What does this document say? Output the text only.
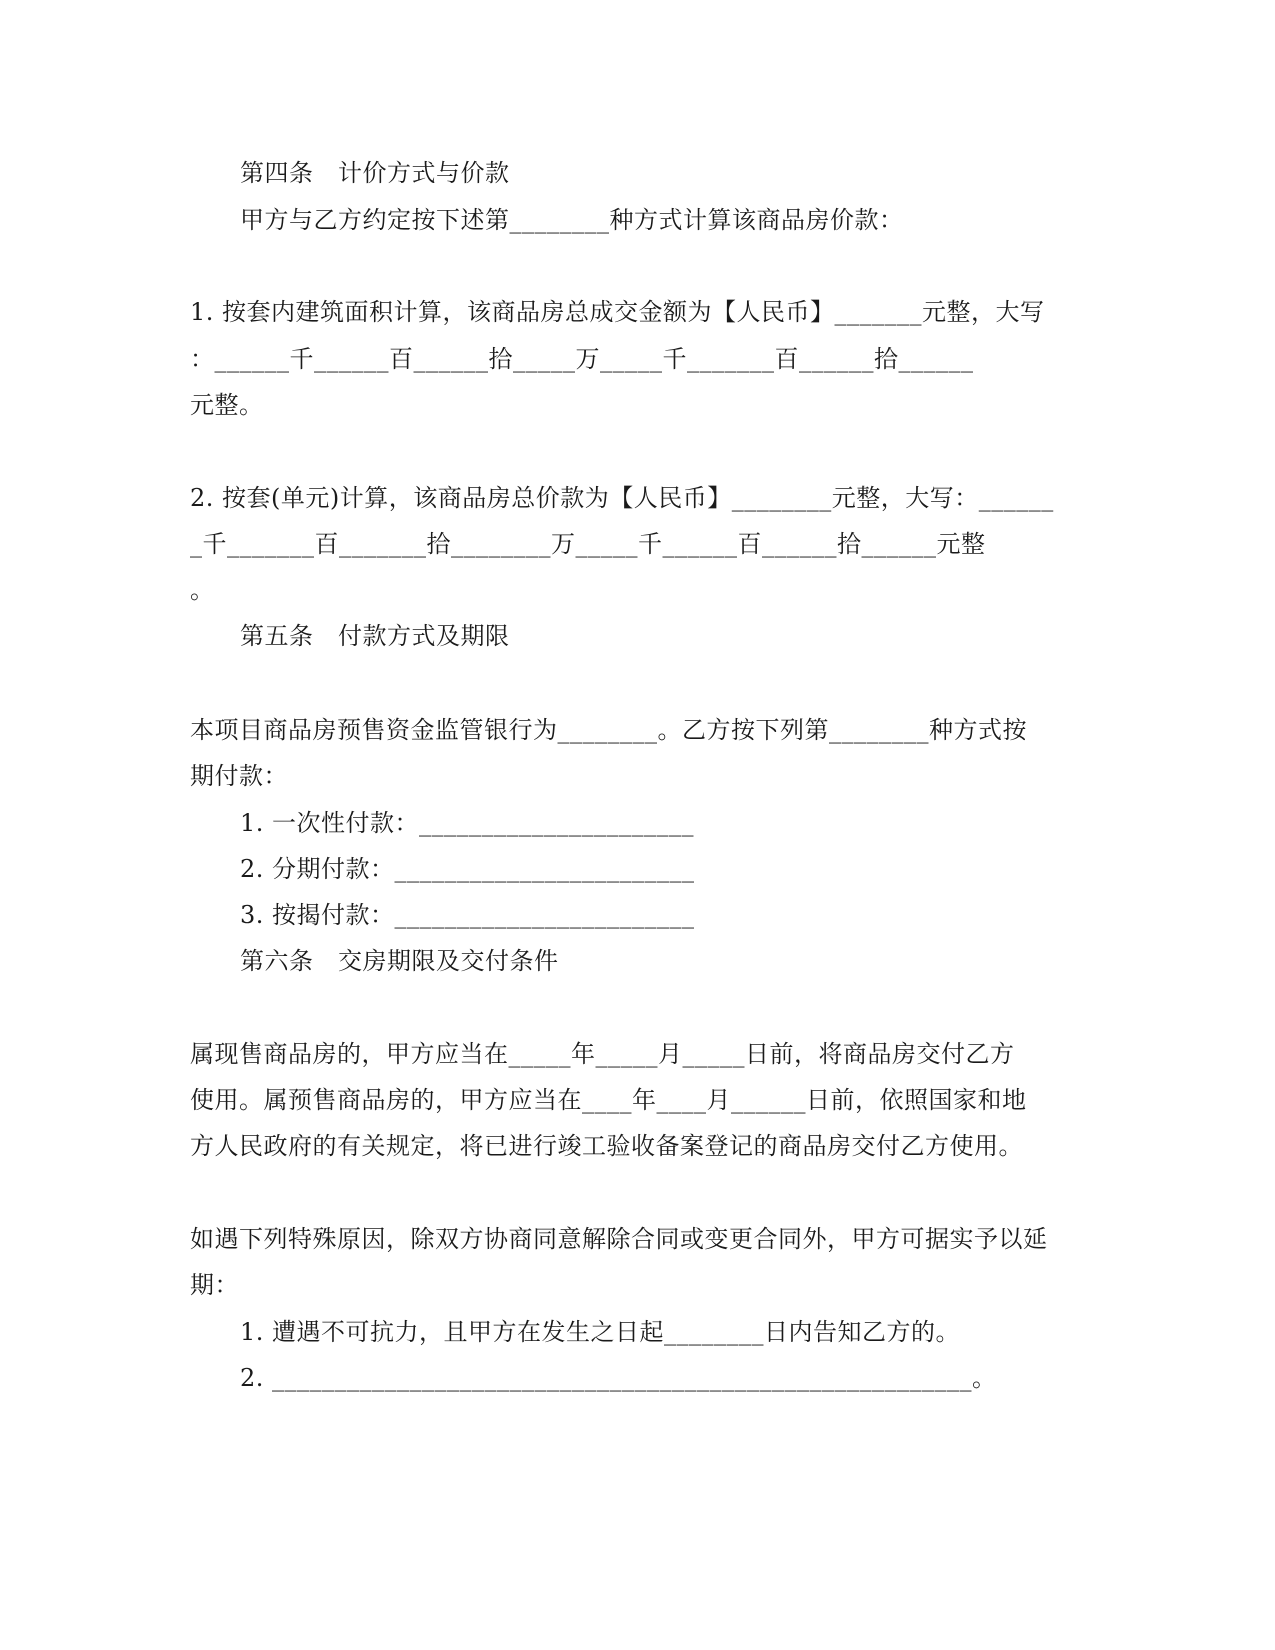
第四条　计价方式与价款
甲方与乙方约定按下述第________种方式计算该商品房价款：
1. 按套内建筑面积计算，该商品房总成交金额为【人民币】_______元整，大写
：______千______百______拾_____万_____千_______百______拾______
元整。
2. 按套(单元)计算，该商品房总价款为【人民币】________元整，大写：______
_千_______百_______拾________万_____千______百______拾______元整
。
第五条　付款方式及期限
本项目商品房预售资金监管银行为________。乙方按下列第________种方式按
期付款：
1. 一次性付款：______________________
2. 分期付款：________________________
3. 按揭付款：________________________
第六条　交房期限及交付条件
属现售商品房的，甲方应当在_____年_____月_____日前，将商品房交付乙方
使用。属预售商品房的，甲方应当在____年____月______日前，依照国家和地
方人民政府的有关规定，将已进行竣工验收备案登记的商品房交付乙方使用。
如遇下列特殊原因，除双方协商同意解除合同或变更合同外，甲方可据实予以延
期：
1. 遭遇不可抗力，且甲方在发生之日起________日内告知乙方的。
2. ________________________________________________________。
